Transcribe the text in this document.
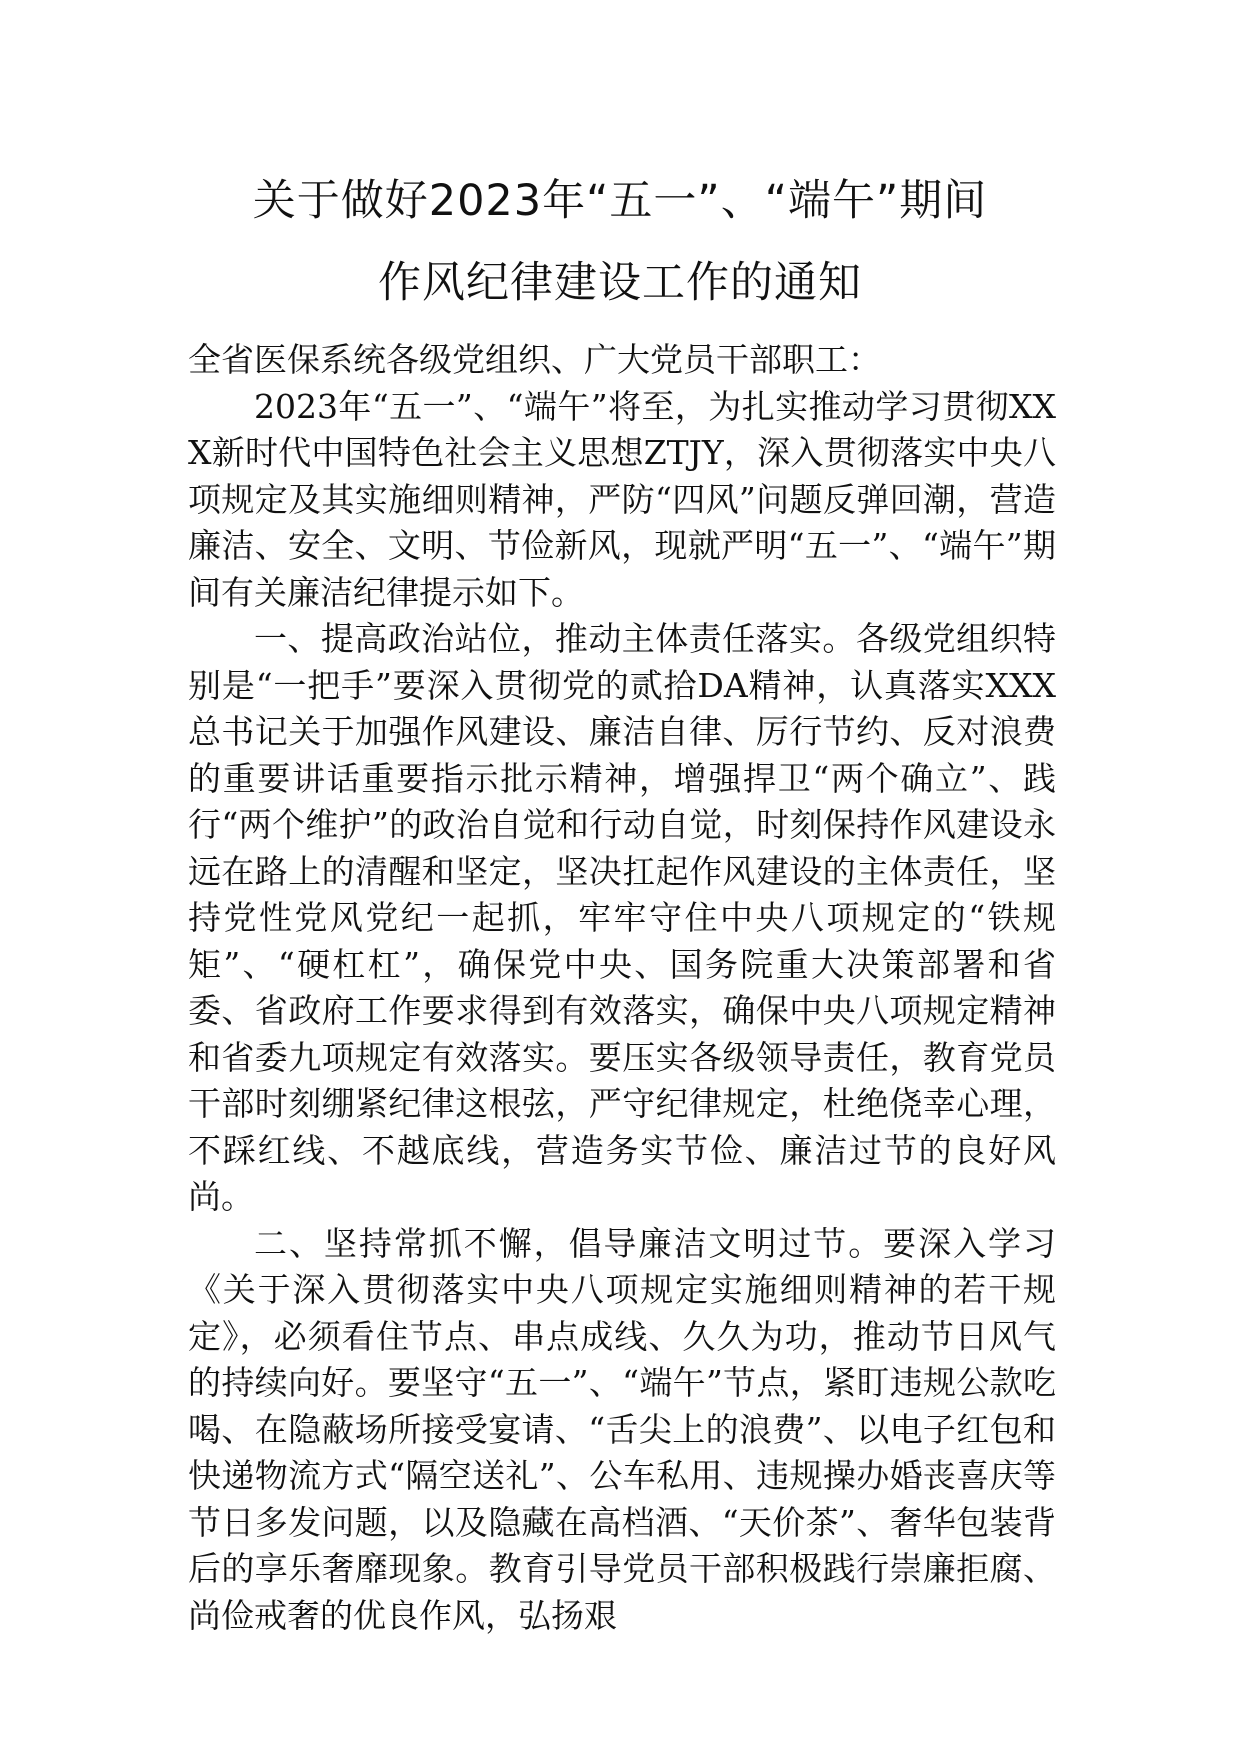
关于做好2023年“五一”、“端午”期间
作风纪律建设工作的通知

全省医保系统各级党组织、广大党员干部职工：

2023年“五一”、“端午”将至，为扎实推动学习贯彻XXX新时代中国特色社会主义思想ZTJY，深入贯彻落实中央八项规定及其实施细则精神，严防“四风”问题反弹回潮，营造廉洁、安全、文明、节俭新风，现就严明“五一”、“端午”期间有关廉洁纪律提示如下。

一、提高政治站位，推动主体责任落实。各级党组织特别是“一把手”要深入贯彻党的贰拾DA精神，认真落实XXX总书记关于加强作风建设、廉洁自律、厉行节约、反对浪费的重要讲话重要指示批示精神，增强捍卫“两个确立”、践行“两个维护”的政治自觉和行动自觉，时刻保持作风建设永远在路上的清醒和坚定，坚决扛起作风建设的主体责任，坚持党性党风党纪一起抓，牢牢守住中央八项规定的“铁规矩”、“硬杠杠”，确保党中央、国务院重大决策部署和省委、省政府工作要求得到有效落实，确保中央八项规定精神和省委九项规定有效落实。要压实各级领导责任，教育党员干部时刻绷紧纪律这根弦，严守纪律规定，杜绝侥幸心理，不踩红线、不越底线，营造务实节俭、廉洁过节的良好风尚。

二、坚持常抓不懈，倡导廉洁文明过节。要深入学习《关于深入贯彻落实中央八项规定实施细则精神的若干规定》，必须看住节点、串点成线、久久为功，推动节日风气的持续向好。要坚守“五一”、“端午”节点，紧盯违规公款吃喝、在隐蔽场所接受宴请、“舌尖上的浪费”、以电子红包和快递物流方式“隔空送礼”、公车私用、违规操办婚丧喜庆等节日多发问题，以及隐藏在高档酒、“天价茶”、奢华包装背后的享乐奢靡现象。教育引导党员干部积极践行崇廉拒腐、尚俭戒奢的优良作风，弘扬艰
